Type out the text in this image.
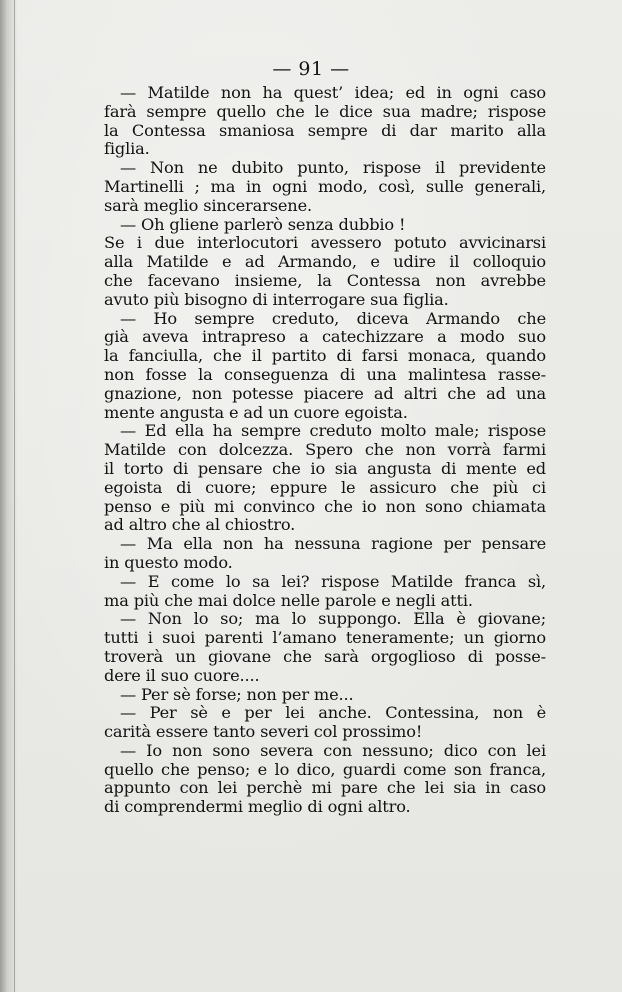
— 91 —
— Matilde non ha quest’ idea; ed in ogni caso
farà sempre quello che le dice sua madre; rispose
la Contessa smaniosa sempre di dar marito alla
figlia.
— Non ne dubito punto, rispose il previdente
Martinelli ; ma in ogni modo, così, sulle generali,
sarà meglio sincerarsene.
— Oh gliene parlerò senza dubbio !
Se i due interlocutori avessero potuto avvicinarsi
alla Matilde e ad Armando, e udire il colloquio
che facevano insieme, la Contessa non avrebbe
avuto più bisogno di interrogare sua figlia.
— Ho sempre creduto, diceva Armando che
già aveva intrapreso a catechizzare a modo suo
la fanciulla, che il partito di farsi monaca, quando
non fosse la conseguenza di una malintesa rasse-
gnazione, non potesse piacere ad altri che ad una
mente angusta e ad un cuore egoista.
— Ed ella ha sempre creduto molto male; rispose
Matilde con dolcezza. Spero che non vorrà farmi
il torto di pensare che io sia angusta di mente ed
egoista di cuore; eppure le assicuro che più ci
penso e più mi convinco che io non sono chiamata
ad altro che al chiostro.
— Ma ella non ha nessuna ragione per pensare
in questo modo.
— E come lo sa lei? rispose Matilde franca sì,
ma più che mai dolce nelle parole e negli atti.
— Non lo so; ma lo suppongo. Ella è giovane;
tutti i suoi parenti l’amano teneramente; un giorno
troverà un giovane che sarà orgoglioso di posse-
dere il suo cuore....
— Per sè forse; non per me...
— Per sè e per lei anche. Contessina, non è
carità essere tanto severi col prossimo!
— Io non sono severa con nessuno; dico con lei
quello che penso; e lo dico, guardi come son franca,
appunto con lei perchè mi pare che lei sia in caso
di comprendermi meglio di ogni altro.
